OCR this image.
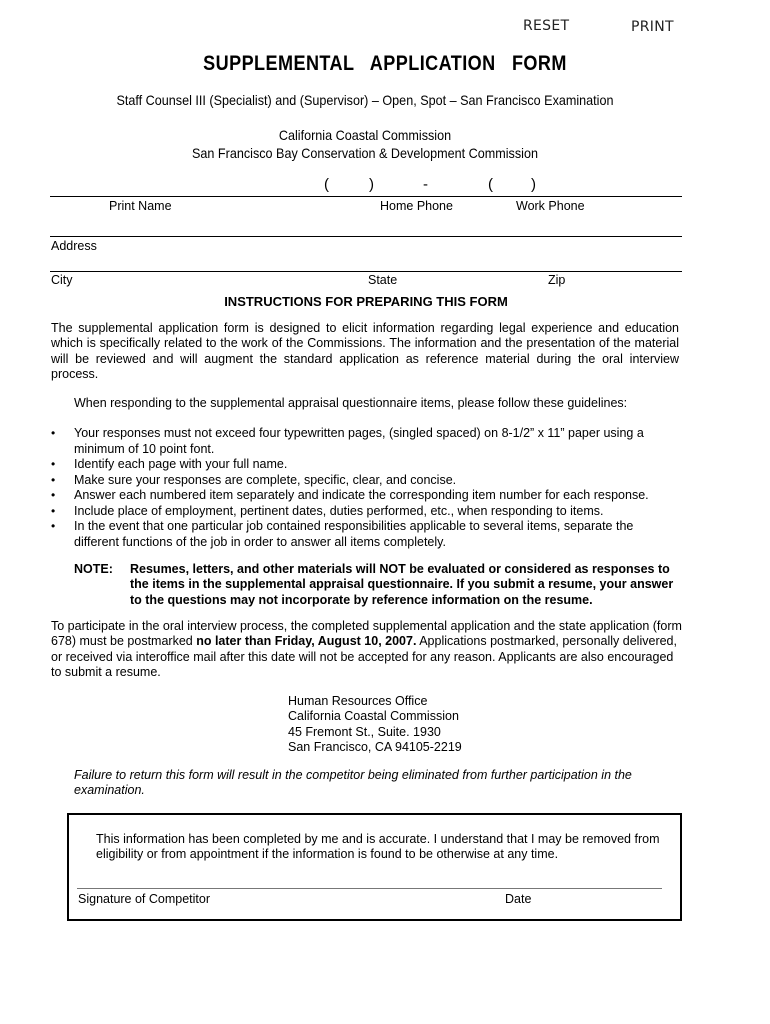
RESET	PRINT
SUPPLEMENTAL   APPLICATION   FORM
Staff Counsel III (Specialist) and (Supervisor) – Open, Spot – San Francisco Examination
California Coastal Commission
San Francisco Bay Conservation & Development Commission
(	)	-	(	)
Print Name	Home Phone	Work Phone
Address
City	State	Zip
INSTRUCTIONS FOR PREPARING THIS FORM
The supplemental application form is designed to elicit information regarding legal experience and education which is specifically related to the work of the Commissions. The information and the presentation of the material will be reviewed and will augment the standard application as reference material during the oral interview process.
When responding to the supplemental appraisal questionnaire items, please follow these guidelines:
• Your responses must not exceed four typewritten pages, (singled spaced) on 8-1/2” x 11” paper using a minimum of 10 point font.
• Identify each page with your full name.
• Make sure your responses are complete, specific, clear, and concise.
• Answer each numbered item separately and indicate the corresponding item number for each response.
• Include place of employment, pertinent dates, duties performed, etc., when responding to items.
• In the event that one particular job contained responsibilities applicable to several items, separate the different functions of the job in order to answer all items completely.
NOTE: Resumes, letters, and other materials will NOT be evaluated or considered as responses to the items in the supplemental appraisal questionnaire. If you submit a resume, your answer to the questions may not incorporate by reference information on the resume.
To participate in the oral interview process, the completed supplemental application and the state application (form 678) must be postmarked no later than Friday, August 10, 2007. Applications postmarked, personally delivered, or received via interoffice mail after this date will not be accepted for any reason. Applicants are also encouraged to submit a resume.
Human Resources Office
California Coastal Commission
45 Fremont St., Suite. 1930
San Francisco, CA 94105-2219
Failure to return this form will result in the competitor being eliminated from further participation in the examination.
This information has been completed by me and is accurate. I understand that I may be removed from eligibility or from appointment if the information is found to be otherwise at any time.
Signature of Competitor	Date
